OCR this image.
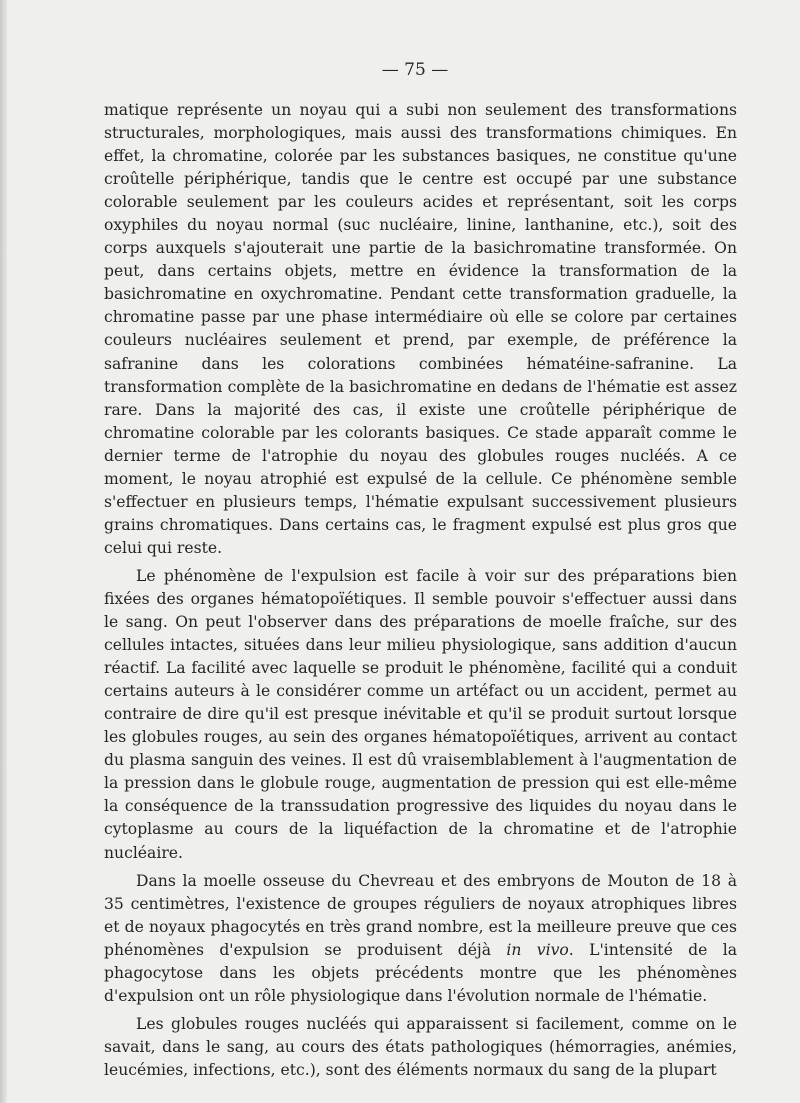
— 75 —

matique représente un noyau qui a subi non seulement des transformations structurales, morphologiques, mais aussi des transformations chimiques. En effet, la chromatine, colorée par les substances basiques, ne constitue qu'une croûtelle périphérique, tandis que le centre est occupé par une substance colorable seulement par les couleurs acides et représentant, soit les corps oxyphiles du noyau normal (suc nucléaire, linine, lanthanine, etc.), soit des corps auxquels s'ajouterait une partie de la basichromatine transformée. On peut, dans certains objets, mettre en évidence la transformation de la basichromatine en oxychromatine. Pendant cette transformation graduelle, la chromatine passe par une phase intermédiaire où elle se colore par certaines couleurs nucléaires seulement et prend, par exemple, de préférence la safranine dans les colorations combinées hématéine-safranine. La transformation complète de la basichromatine en dedans de l'hématie est assez rare. Dans la majorité des cas, il existe une croûtelle périphérique de chromatine colorable par les colorants basiques. Ce stade apparaît comme le dernier terme de l'atrophie du noyau des globules rouges nucléés. A ce moment, le noyau atrophié est expulsé de la cellule. Ce phénomène semble s'effectuer en plusieurs temps, l'hématie expulsant successivement plusieurs grains chromatiques. Dans certains cas, le fragment expulsé est plus gros que celui qui reste.

Le phénomène de l'expulsion est facile à voir sur des préparations bien fixées des organes hématopoïétiques. Il semble pouvoir s'effectuer aussi dans le sang. On peut l'observer dans des préparations de moelle fraîche, sur des cellules intactes, situées dans leur milieu physiologique, sans addition d'aucun réactif. La facilité avec laquelle se produit le phénomène, facilité qui a conduit certains auteurs à le considérer comme un artéfact ou un accident, permet au contraire de dire qu'il est presque inévitable et qu'il se produit surtout lorsque les globules rouges, au sein des organes hématopoïétiques, arrivent au contact du plasma sanguin des veines. Il est dû vraisemblablement à l'augmentation de la pression dans le globule rouge, augmentation de pression qui est elle-même la conséquence de la transsudation progressive des liquides du noyau dans le cytoplasme au cours de la liquéfaction de la chromatine et de l'atrophie nucléaire.

Dans la moelle osseuse du Chevreau et des embryons de Mouton de 18 à 35 centimètres, l'existence de groupes réguliers de noyaux atrophiques libres et de noyaux phagocytés en très grand nombre, est la meilleure preuve que ces phénomènes d'expulsion se produisent déjà in vivo. L'intensité de la phagocytose dans les objets précédents montre que les phénomènes d'expulsion ont un rôle physiologique dans l'évolution normale de l'hématie.

Les globules rouges nucléés qui apparaissent si facilement, comme on le savait, dans le sang, au cours des états pathologiques (hémorragies, anémies, leucémies, infections, etc.), sont des éléments normaux du sang de la plupart
